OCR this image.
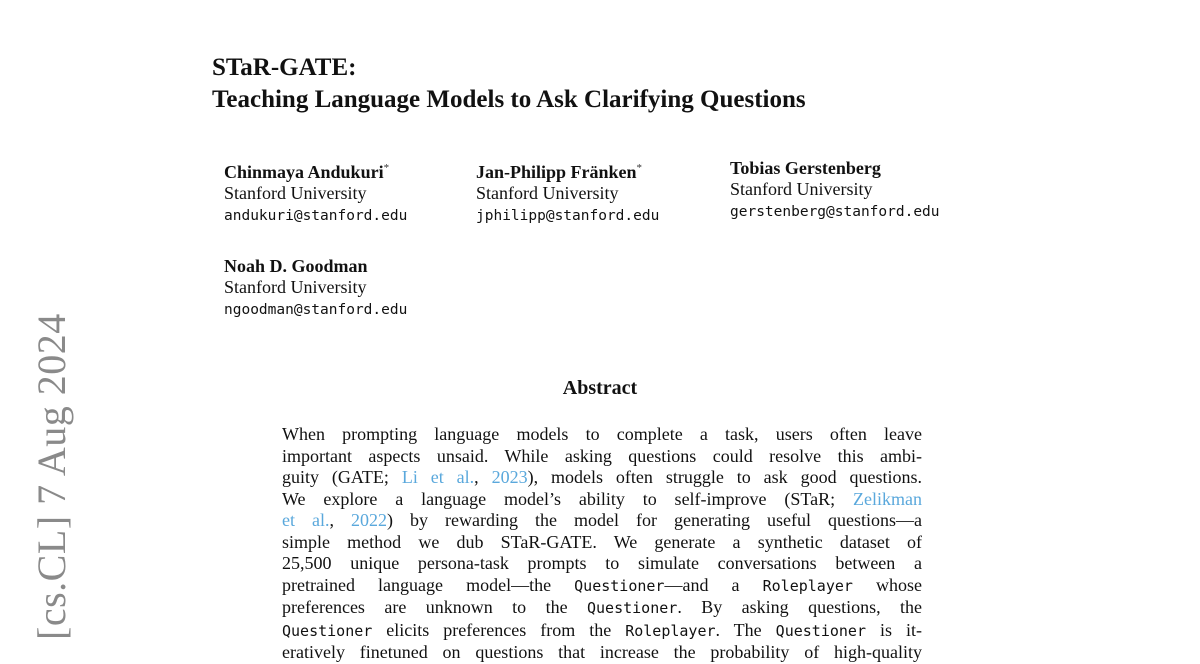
[cs.CL] 7 Aug 2024
STaR-GATE:
Teaching Language Models to Ask Clarifying Questions
Chinmaya Andukuri*
Stanford University
andukuri@stanford.edu
Jan-Philipp Fränken*
Stanford University
jphilipp@stanford.edu
Tobias Gerstenberg
Stanford University
gerstenberg@stanford.edu
Noah D. Goodman
Stanford University
ngoodman@stanford.edu
Abstract
When prompting language models to complete a task, users often leave
important aspects unsaid. While asking questions could resolve this ambi-
guity (GATE; Li et al., 2023), models often struggle to ask good questions.
We explore a language model’s ability to self-improve (STaR; Zelikman
et al., 2022) by rewarding the model for generating useful questions—a
simple method we dub STaR-GATE. We generate a synthetic dataset of
25,500 unique persona-task prompts to simulate conversations between a
pretrained language model—the Questioner—and a Roleplayer whose
preferences are unknown to the Questioner. By asking questions, the
Questioner elicits preferences from the Roleplayer. The Questioner is it-
eratively finetuned on questions that increase the probability of high-quality
